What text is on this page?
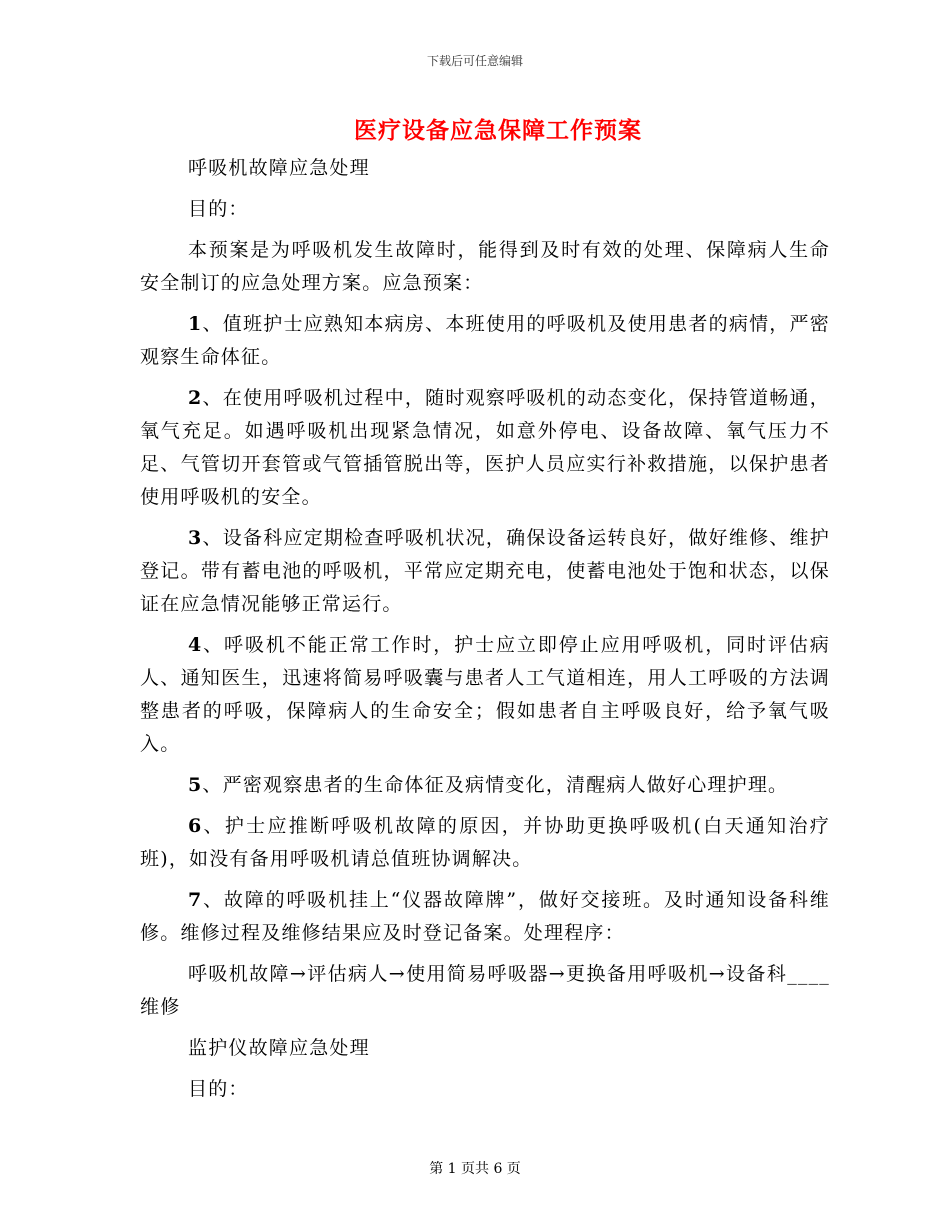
下载后可任意编辑
医疗设备应急保障工作预案

呼吸机故障应急处理

目的：

本预案是为呼吸机发生故障时，能得到及时有效的处理、保障病人生命安全制订的应急处理方案。应急预案：

1、值班护士应熟知本病房、本班使用的呼吸机及使用患者的病情，严密观察生命体征。

2、在使用呼吸机过程中，随时观察呼吸机的动态变化，保持管道畅通，氧气充足。如遇呼吸机出现紧急情况，如意外停电、设备故障、氧气压力不足、气管切开套管或气管插管脱出等，医护人员应实行补救措施，以保护患者使用呼吸机的安全。

3、设备科应定期检查呼吸机状况，确保设备运转良好，做好维修、维护登记。带有蓄电池的呼吸机，平常应定期充电，使蓄电池处于饱和状态，以保证在应急情况能够正常运行。

4、呼吸机不能正常工作时，护士应立即停止应用呼吸机，同时评估病人、通知医生，迅速将简易呼吸囊与患者人工气道相连，用人工呼吸的方法调整患者的呼吸，保障病人的生命安全；假如患者自主呼吸良好，给予氧气吸入。

5、严密观察患者的生命体征及病情变化，清醒病人做好心理护理。

6、护士应推断呼吸机故障的原因，并协助更换呼吸机(白天通知治疗班)，如没有备用呼吸机请总值班协调解决。

7、故障的呼吸机挂上“仪器故障牌”，做好交接班。及时通知设备科维修。维修过程及维修结果应及时登记备案。处理程序：

呼吸机故障→评估病人→使用简易呼吸器→更换备用呼吸机→设备科____维修

监护仪故障应急处理

目的：

第 1 页共 6 页
